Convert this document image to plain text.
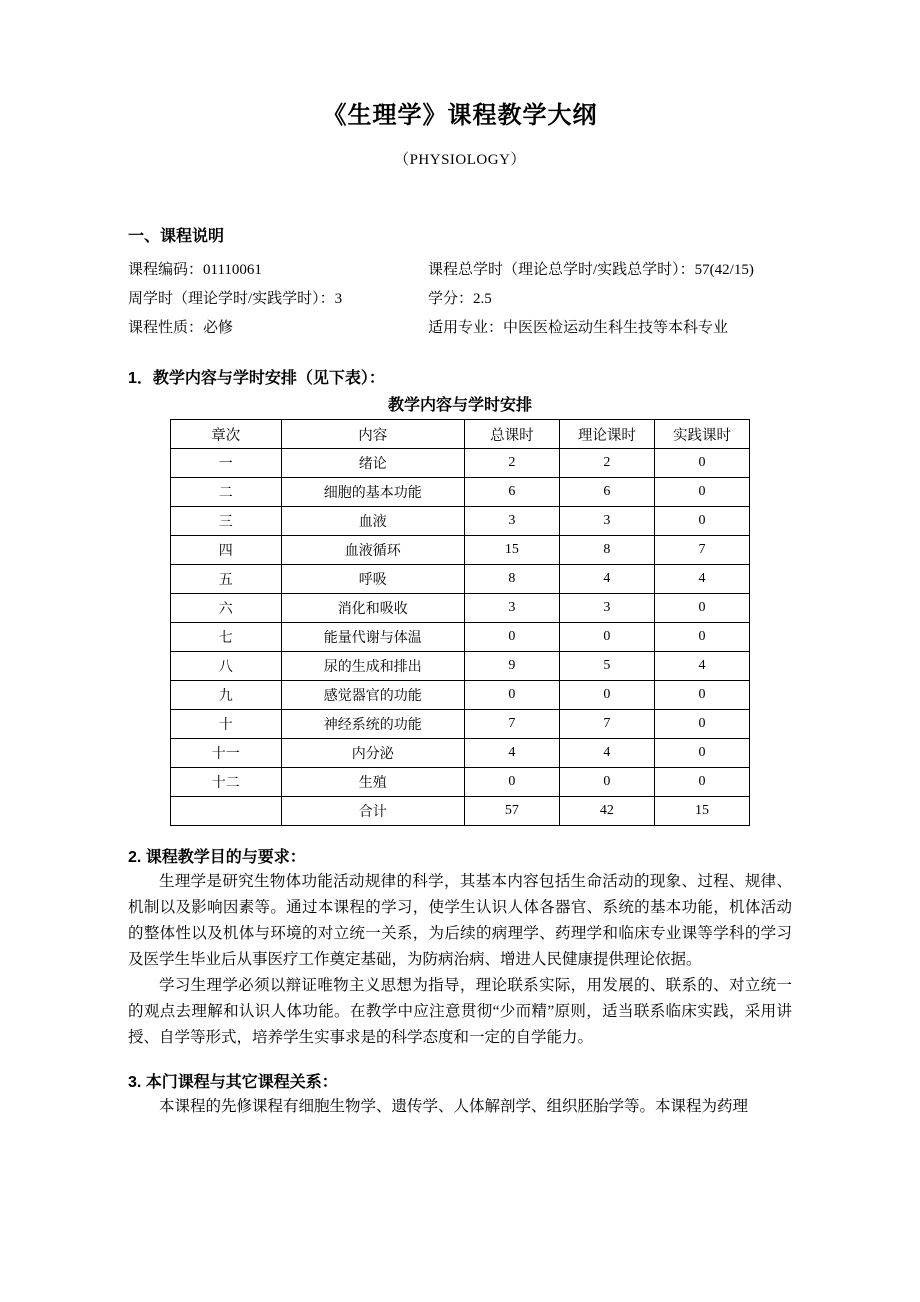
《生理学》课程教学大纲
（PHYSIOLOGY）
一、课程说明
课程编码：01110061	课程总学时（理论总学时/实践总学时）：57(42/15)
周学时（理论学时/实践学时）：3	学分：2.5
课程性质：必修	适用专业：中医医检运动生科生技等本科专业
1．教学内容与学时安排（见下表）：
教学内容与学时安排
章次	内容	总课时	理论课时	实践课时
一	绪论	2	2	0
二	细胞的基本功能	6	6	0
三	血液	3	3	0
四	血液循环	15	8	7
五	呼吸	8	4	4
六	消化和吸收	3	3	0
七	能量代谢与体温	0	0	0
八	尿的生成和排出	9	5	4
九	感觉器官的功能	0	0	0
十	神经系统的功能	7	7	0
十一	内分泌	4	4	0
十二	生殖	0	0	0
	合计	57	42	15
2. 课程教学目的与要求：

生理学是研究生物体功能活动规律的科学，其基本内容包括生命活动的现象、过程、规律、机制以及影响因素等。通过本课程的学习，使学生认识人体各器官、系统的基本功能，机体活动的整体性以及机体与环境的对立统一关系，为后续的病理学、药理学和临床专业课等学科的学习及医学生毕业后从事医疗工作奠定基础，为防病治病、增进人民健康提供理论依据。

学习生理学必须以辩证唯物主义思想为指导，理论联系实际，用发展的、联系的、对立统一的观点去理解和认识人体功能。在教学中应注意贯彻“少而精”原则，适当联系临床实践，采用讲授、自学等形式，培养学生实事求是的科学态度和一定的自学能力。

3. 本门课程与其它课程关系：

本课程的先修课程有细胞生物学、遗传学、人体解剖学、组织胚胎学等。本课程为药理
